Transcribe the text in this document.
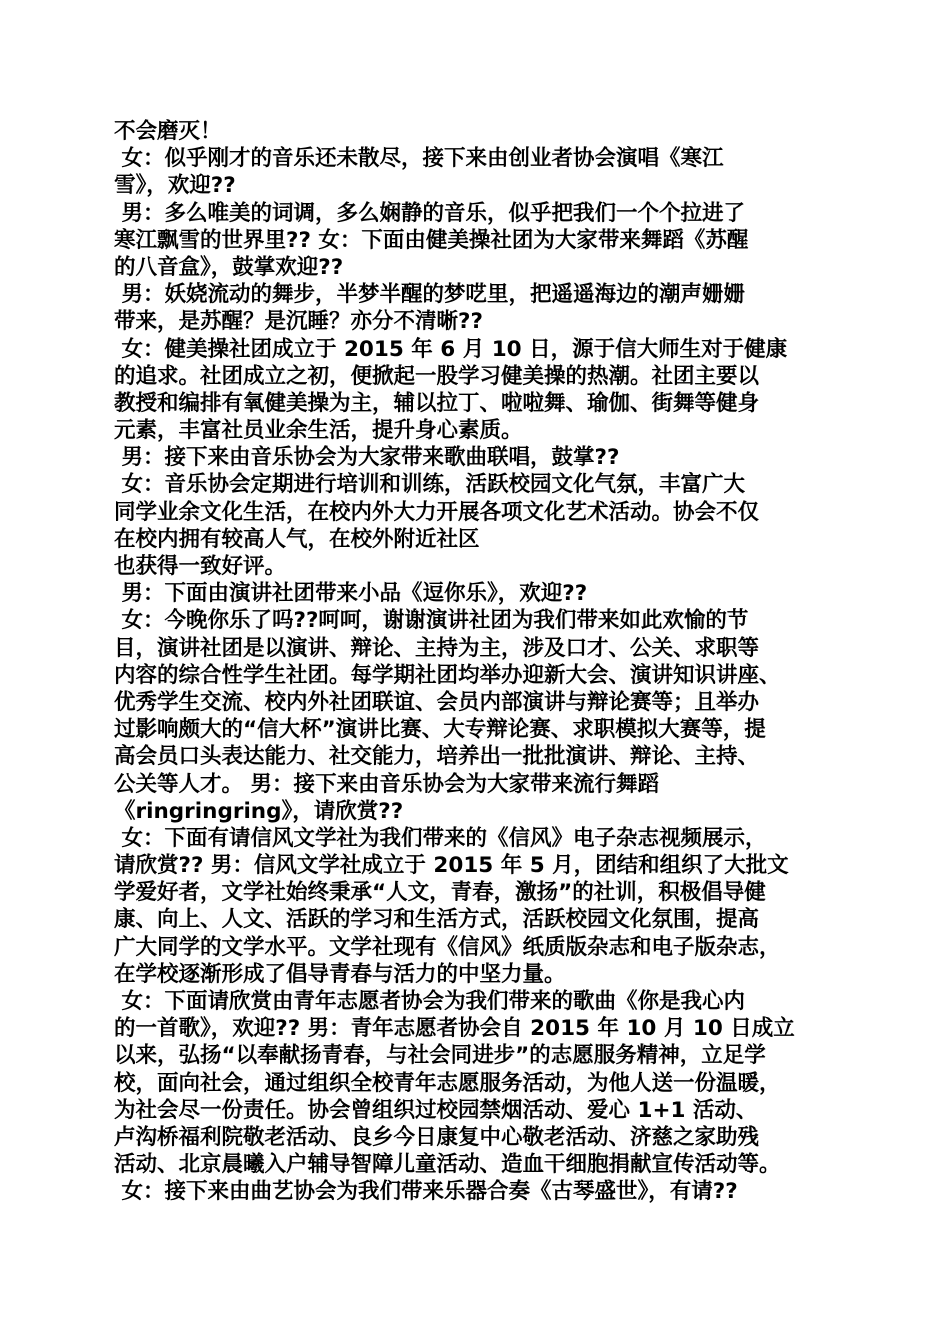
不会磨灭！
女：似乎刚才的音乐还未散尽，接下来由创业者协会演唱《寒江
雪》，欢迎??
男：多么唯美的词调，多么娴静的音乐，似乎把我们一个个拉进了
寒江飘雪的世界里?? 女：下面由健美操社团为大家带来舞蹈《苏醒
的八音盒》，鼓掌欢迎??
男：妖娆流动的舞步，半梦半醒的梦呓里，把遥遥海边的潮声姗姗
带来，是苏醒？是沉睡？亦分不清晰??
女：健美操社团成立于 2015 年 6 月 10 日，源于信大师生对于健康
的追求。社团成立之初，便掀起一股学习健美操的热潮。社团主要以
教授和编排有氧健美操为主，辅以拉丁、啦啦舞、瑜伽、街舞等健身
元素，丰富社员业余生活，提升身心素质。
男：接下来由音乐协会为大家带来歌曲联唱，鼓掌??
女：音乐协会定期进行培训和训练，活跃校园文化气氛，丰富广大
同学业余文化生活，在校内外大力开展各项文化艺术活动。协会不仅
在校内拥有较高人气，在校外附近社区
也获得一致好评。
男：下面由演讲社团带来小品《逗你乐》，欢迎??
女：今晚你乐了吗??呵呵，谢谢演讲社团为我们带来如此欢愉的节
目，演讲社团是以演讲、辩论、主持为主，涉及口才、公关、求职等
内容的综合性学生社团。每学期社团均举办迎新大会、演讲知识讲座、
优秀学生交流、校内外社团联谊、会员内部演讲与辩论赛等；且举办
过影响颇大的“信大杯”演讲比赛、大专辩论赛、求职模拟大赛等，提
高会员口头表达能力、社交能力，培养出一批批演讲、辩论、主持、
公关等人才。 男：接下来由音乐协会为大家带来流行舞蹈
《ringringring》，请欣赏??
女：下面有请信风文学社为我们带来的《信风》电子杂志视频展示，
请欣赏?? 男：信风文学社成立于 2015 年 5 月，团结和组织了大批文
学爱好者，文学社始终秉承“人文，青春，激扬”的社训，积极倡导健
康、向上、人文、活跃的学习和生活方式，活跃校园文化氛围，提高
广大同学的文学水平。文学社现有《信风》纸质版杂志和电子版杂志，
在学校逐渐形成了倡导青春与活力的中坚力量。
女：下面请欣赏由青年志愿者协会为我们带来的歌曲《你是我心内
的一首歌》，欢迎?? 男：青年志愿者协会自 2015 年 10 月 10 日成立
以来，弘扬“以奉献扬青春，与社会同进步”的志愿服务精神，立足学
校，面向社会，通过组织全校青年志愿服务活动，为他人送一份温暖，
为社会尽一份责任。协会曾组织过校园禁烟活动、爱心 1+1 活动、
卢沟桥福利院敬老活动、良乡今日康复中心敬老活动、济慈之家助残
活动、北京晨曦入户辅导智障儿童活动、造血干细胞捐献宣传活动等。
女：接下来由曲艺协会为我们带来乐器合奏《古琴盛世》，有请??
